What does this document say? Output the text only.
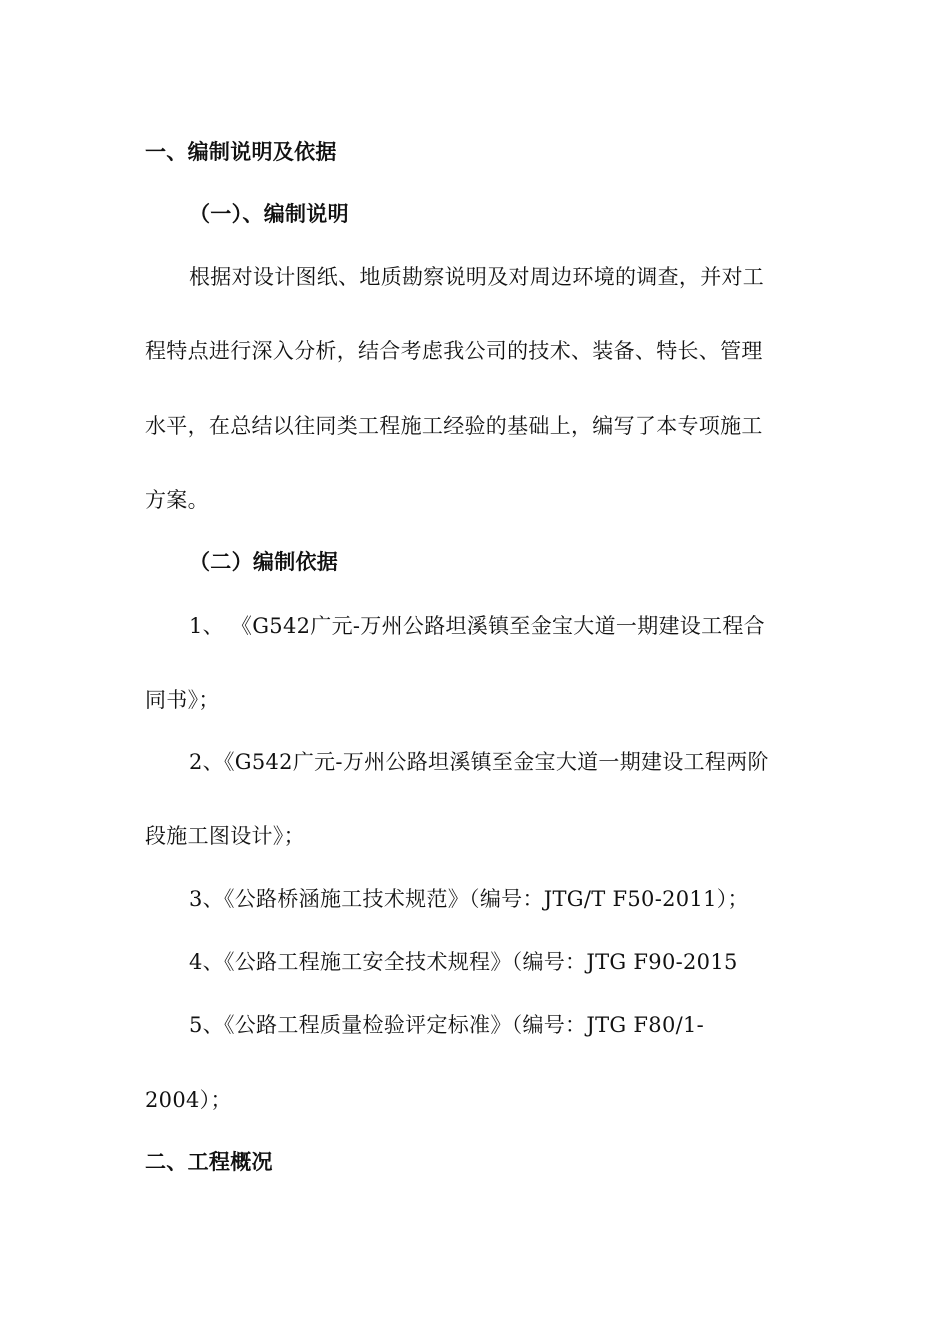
一、编制说明及依据
（一）、编制说明
根据对设计图纸、地质勘察说明及对周边环境的调查，并对工
程特点进行深入分析，结合考虑我公司的技术、装备、特长、管理
水平，在总结以往同类工程施工经验的基础上，编写了本专项施工
方案。
（二）编制依据
1、 《G542广元-万州公路坦溪镇至金宝大道一期建设工程合
同书》；
2、《G542广元-万州公路坦溪镇至金宝大道一期建设工程两阶
段施工图设计》；
3、《公路桥涵施工技术规范》（编号：JTG/T F50-2011）；
4、《公路工程施工安全技术规程》（编号：JTG F90-2015
5、《公路工程质量检验评定标准》（编号：JTG F80/1-
2004）；
二、工程概况
